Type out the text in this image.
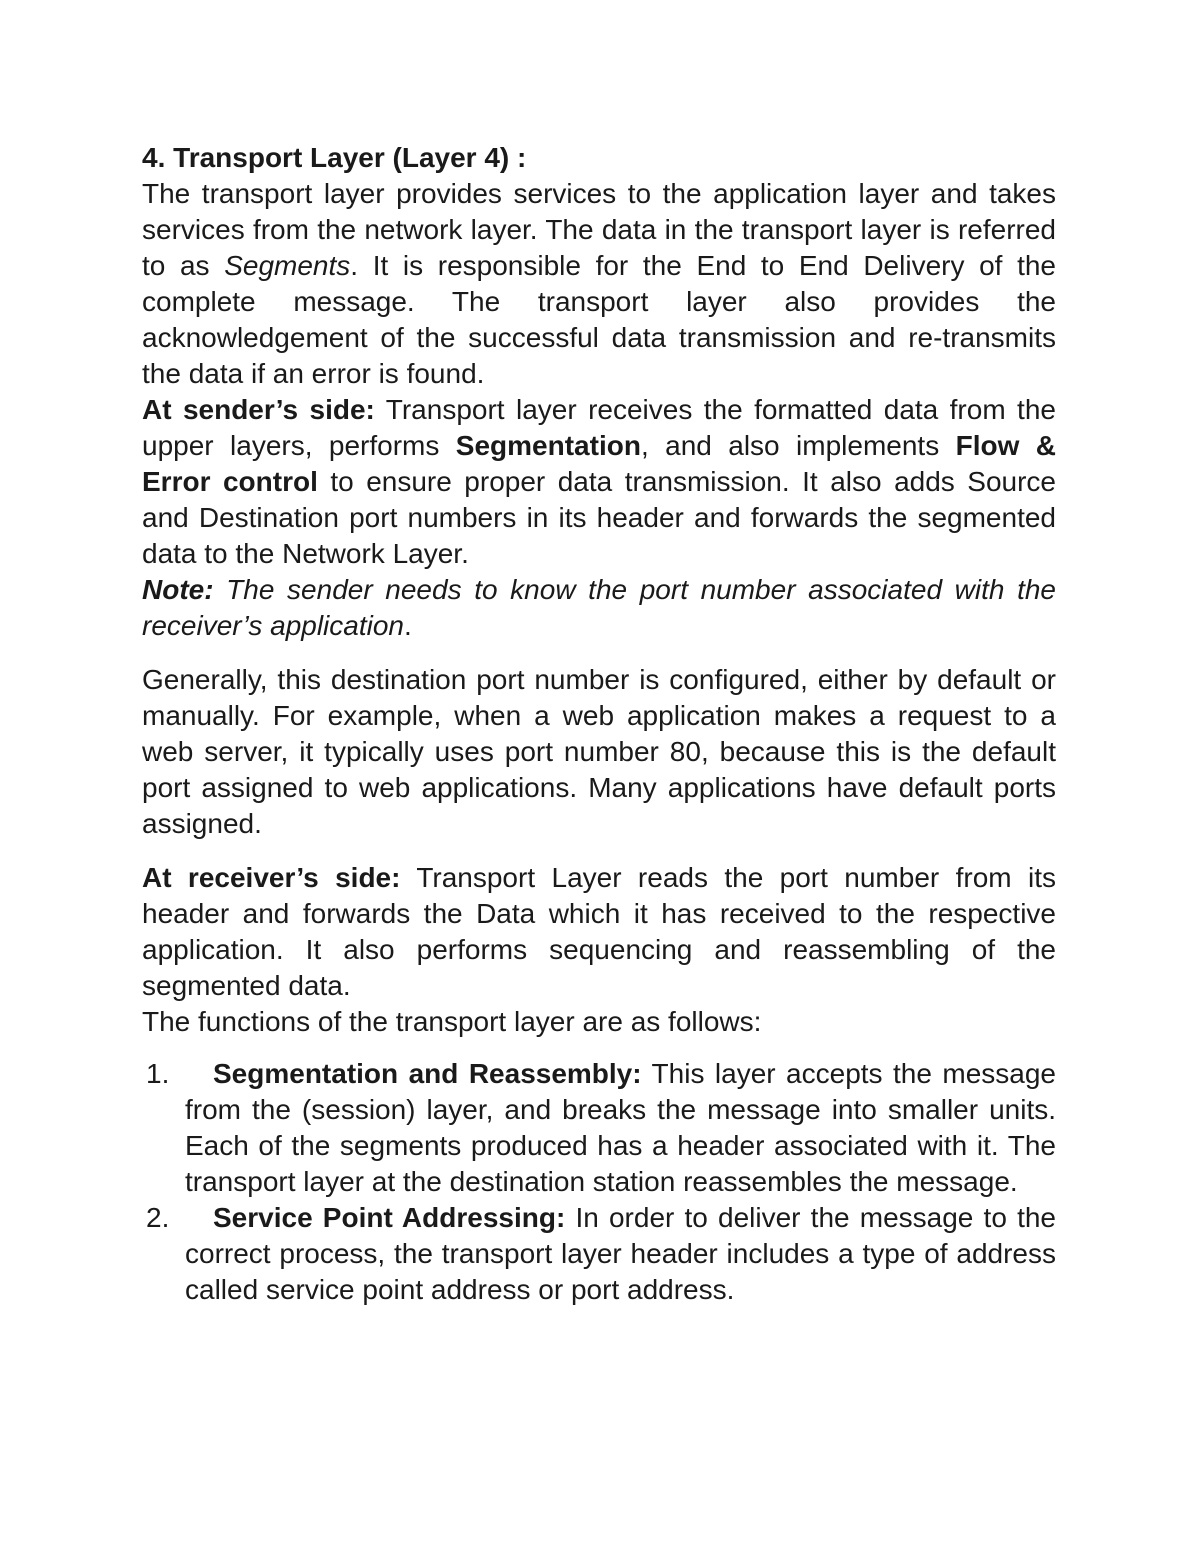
4. Transport Layer (Layer 4) :

The transport layer provides services to the application layer and takes services from the network layer. The data in the transport layer is referred to as Segments. It is responsible for the End to End Delivery of the complete message. The transport layer also provides the acknowledgement of the successful data transmission and re-transmits the data if an error is found.

At sender’s side: Transport layer receives the formatted data from the upper layers, performs Segmentation, and also implements Flow & Error control to ensure proper data transmission. It also adds Source and Destination port numbers in its header and forwards the segmented data to the Network Layer.

Note: The sender needs to know the port number associated with the receiver’s application.

Generally, this destination port number is configured, either by default or manually. For example, when a web application makes a request to a web server, it typically uses port number 80, because this is the default port assigned to web applications. Many applications have default ports assigned.

At receiver’s side: Transport Layer reads the port number from its header and forwards the Data which it has received to the respective application. It also performs sequencing and reassembling of the segmented data.

The functions of the transport layer are as follows:

1.	Segmentation and Reassembly: This layer accepts the message from the (session) layer, and breaks the message into smaller units. Each of the segments produced has a header associated with it. The transport layer at the destination station reassembles the message.
2.	Service Point Addressing: In order to deliver the message to the correct process, the transport layer header includes a type of address called service point address or port address.
